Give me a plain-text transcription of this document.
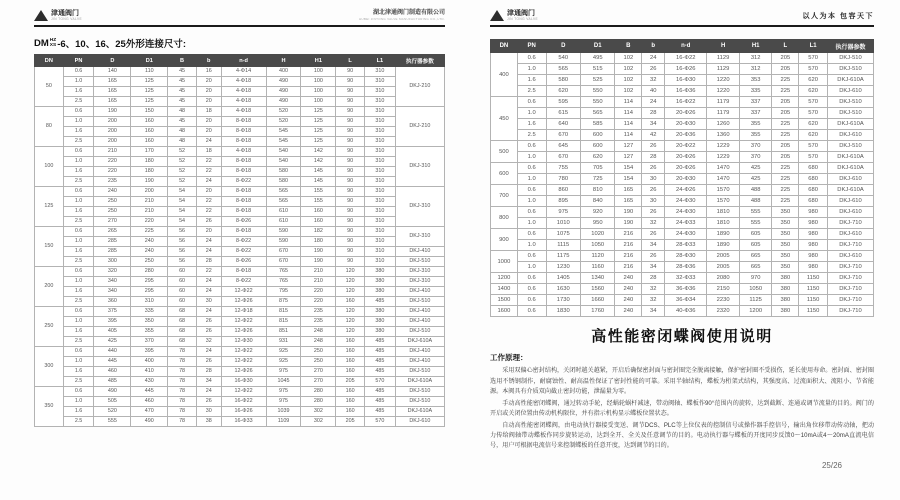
津通阀门
JIN TONG VALVE
湖北津通阀门制造有限公司
HUBEI JINTONG VALVE MANUFACTURING CO.,LTD.
DM HZ
XS -6、10、16、25外形连接尺寸:
DN	PN	D	D1	B	b	n-d	H	H1	L	L1	执行器参数
50	0.6	140	110	45	16	4-Φ14	400	100	90	310	DKJ-210
	1.0	165	125	45	20	4-Φ18	490	100	90	310	
	1.6	165	125	45	20	4-Φ18	490	100	90	310	
	2.5	165	125	45	20	4-Φ18	490	100	90	310	
80	0.6	190	150	48	18	4-Φ18	520	125	90	310	DKJ-210
	1.0	200	160	45	20	8-Φ18	520	125	90	310	
	1.6	200	160	48	20	8-Φ18	545	125	90	310	
	2.5	200	160	48	24	8-Φ18	545	125	90	310	
100	0.6	210	170	52	18	4-Φ18	540	142	90	310	DKJ-310
	1.0	220	180	52	22	8-Φ18	540	142	90	310	
	1.6	220	180	52	22	8-Φ18	580	145	90	310	
	2.5	235	190	52	24	8-Φ22	580	145	90	310	
125	0.6	240	200	54	20	8-Φ18	565	155	90	310	DKJ-310
	1.0	250	210	54	22	8-Φ18	565	155	90	310	
	1.6	250	210	54	22	8-Φ18	610	160	90	310	
	2.5	270	220	54	26	8-Φ26	610	160	90	310	
150	0.6	265	225	56	20	8-Φ18	590	182	90	310	DKJ-310
	1.0	285	240	56	24	8-Φ22	590	180	90	310	
	1.6	285	240	56	24	8-Φ22	670	190	90	310	DKJ-410
	2.5	300	250	56	28	8-Φ26	670	190	90	310	DKJ-510
200	0.6	320	280	60	22	8-Φ18	765	210	120	380	DKJ-310
	1.0	340	295	60	24	8-Φ22	765	210	120	380	DKJ-310
	1.6	340	295	60	24	12-Φ22	795	220	120	380	DKJ-410
	2.5	360	310	60	30	12-Φ26	875	220	160	485	DKJ-510
250	0.6	375	335	68	24	12-Φ18	815	235	120	380	DKJ-410
	1.0	395	350	68	26	12-Φ22	815	235	120	380	DKJ-410
	1.6	405	355	68	26	12-Φ26	851	248	120	380	DKJ-510
	2.5	425	370	68	32	12-Φ30	931	248	160	485	DKJ-610A
300	0.6	440	395	78	24	12-Φ22	925	250	160	485	DKJ-410
	1.0	445	400	78	26	12-Φ22	925	250	160	485	DKJ-410
	1.6	460	410	78	28	12-Φ26	975	270	160	485	DKJ-510
	2.5	485	430	78	34	16-Φ30	1045	270	205	570	DKJ-610A
350	0.6	490	445	78	24	12-Φ22	975	280	160	485	DKJ-510
	1.0	505	460	78	26	16-Φ22	975	280	160	485	DKJ-510
	1.6	520	470	78	30	16-Φ26	1039	302	160	485	DKJ-610A
	2.5	555	490	78	38	16-Φ33	1109	302	205	570	DKJ-610
津通阀门
JIN TONG VALVE	以人为本 包容天下
DN	PN	D	D1	B	b	n-d	H	H1	L	L1	执行器参数
400	0.6	540	495	102	24	16-Φ22	1129	312	205	570	DKJ-510
	1.0	565	515	102	26	16-Φ26	1129	312	205	570	DKJ-510
	1.6	580	525	102	32	16-Φ30	1220	353	225	620	DKJ-610A
	2.5	620	550	102	40	16-Φ36	1220	335	225	620	DKJ-610
450	0.6	595	550	114	24	16-Φ22	1179	337	205	570	DKJ-510
	1.0	615	565	114	28	20-Φ26	1179	337	205	570	DKJ-510
	1.6	640	585	114	34	20-Φ30	1260	355	225	620	DKJ-610A
	2.5	670	600	114	42	20-Φ36	1360	355	225	620	DKJ-610
500	0.6	645	600	127	26	20-Φ22	1229	370	205	570	DKJ-510
	1.0	670	620	127	28	20-Φ26	1229	370	205	570	DKJ-610A
600	0.6	755	705	154	26	20-Φ26	1470	425	225	680	DKJ-610A
	1.0	780	725	154	30	20-Φ30	1470	425	225	680	DKJ-610
700	0.6	860	810	165	26	24-Φ26	1570	488	225	680	DKJ-610A
	1.0	895	840	165	30	24-Φ30	1570	488	225	680	DKJ-610
800	0.6	975	920	190	26	24-Φ30	1810	555	350	980	DKJ-610
	1.0	1010	950	190	32	24-Φ33	1810	555	350	980	DKJ-710
900	0.6	1075	1020	216	26	24-Φ30	1890	605	350	980	DKJ-610
	1.0	1115	1050	216	34	28-Φ33	1890	605	350	980	DKJ-710
1000	0.6	1175	1120	216	26	28-Φ30	2005	665	350	980	DKJ-610
	1.0	1230	1160	216	34	28-Φ36	2005	665	350	980	DKJ-710
1200	0.6	1405	1340	240	28	32-Φ33	2080	970	380	1150	DKJ-710
1400	0.6	1630	1560	240	32	36-Φ36	2150	1050	380	1150	DKJ-710
1500	0.6	1730	1660	240	32	36-Φ34	2230	1125	380	1150	DKJ-710
1600	0.6	1830	1760	240	34	40-Φ36	2320	1200	380	1150	DKJ-710
高性能密闭蝶阀使用说明
工作原理：

采用双偏心密封结构，关闭时越关越紧，开启后确保密封面与密封圈完全脱离接触，保护密封圈不受损伤，延长使用寿命。密封面、密封圈选用不锈钢制作，耐腐蚀性、耐高温性保证了密封性能的可靠。采用半轴结构，蝶板为桁架式结构，其强度高、过流面积大、流阻小、节省能源。本阀具有介质双向截止密封功能，泄漏量为零。

手动高性能密闭蝶阀，通过转动手轮，经蜗轮蜗杆减速，带动阀轴、蝶板作90°范围内的旋转，达到截断、连通或调节流量的目的。阀门的开启或关闭位置由传动机构限位，并有指示机构显示蝶板位置状态。

自动高性能密闭蝶阀，由电动执行器接受变送、调节DCS、PLC等上位仪表的控制信号或操作器手控信号，输出角位移带动传动轴，把动力传给阀轴带动蝶板作同步旋转运动，达到全开、全关及任意调节的目的。电动执行器与蝶板的开度同步反馈0～10mA或4～20mA直流电信号，用户可根据电流信号来控制蝶板的任意开度，达到调节的目的。

25/26
